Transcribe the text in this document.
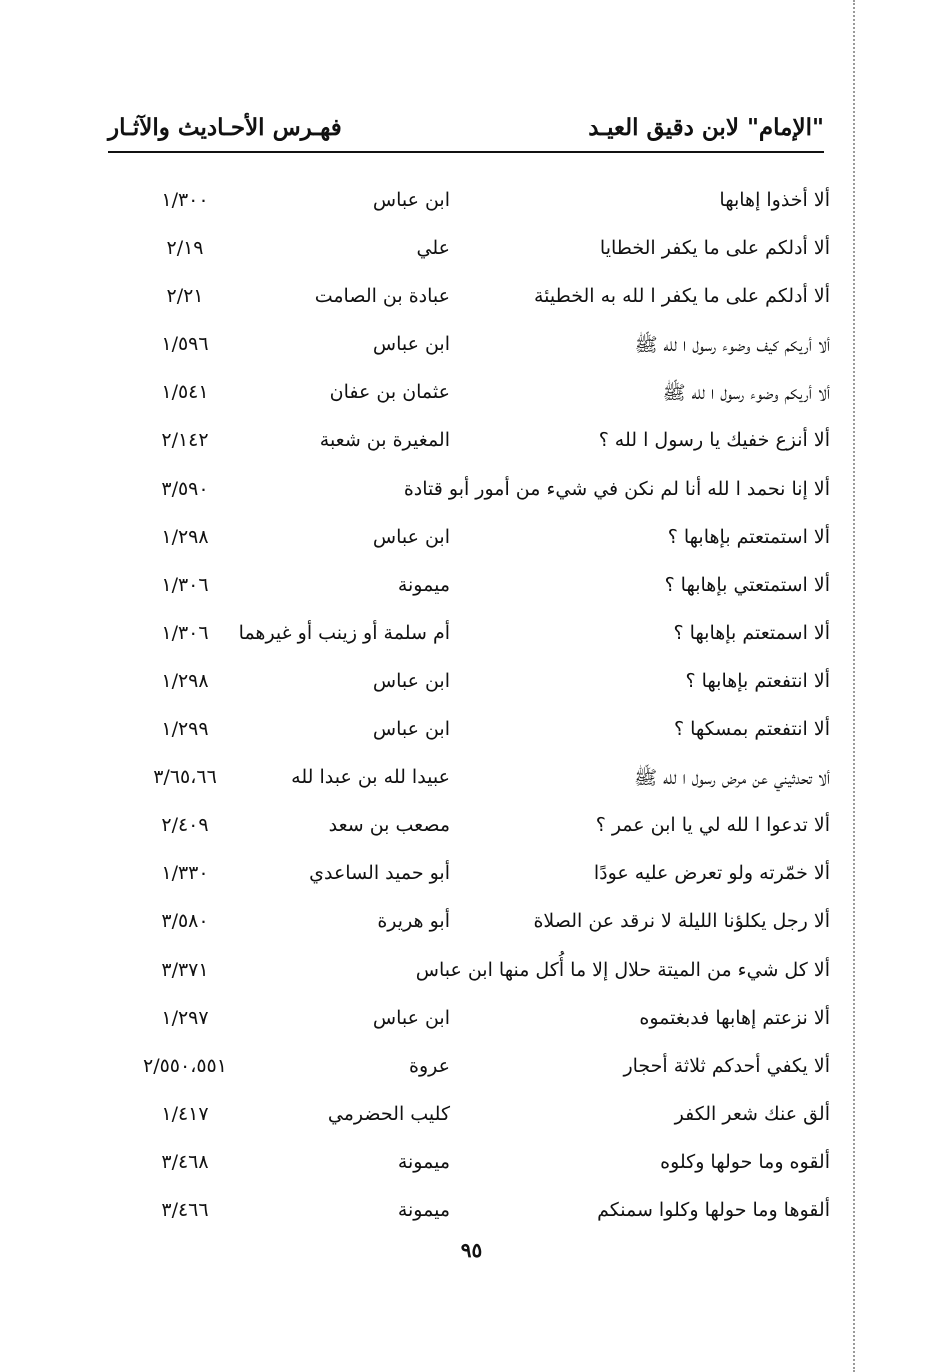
"الإمام" لابن دقيق العيـد
فهـرس الأحـاديث والآثـار
ألا أخذوا إهابها
ابن عباس
١/٣٠٠
ألا أدلكم على ما يكفر الخطايا
علي
٢/١٩
ألا أدلكم على ما يكفر ا لله به الخطيئة
عبادة بن الصامت
٢/٢١
ألا أريكم كيف وضوء رسول ا لله ﷺ
ابن عباس
١/٥٩٦
ألا أريكم وضوء رسول ا لله ﷺ
عثمان بن عفان
١/٥٤١
ألا أنزع خفيك يا رسول ا لله ؟
المغيرة بن شعبة
٢/١٤٢
ألا إنا نحمد ا لله أنا لم نكن في شيء من أمور أبو قتادة
٣/٥٩٠
ألا استمتعتم بإهابها ؟
ابن عباس
١/٢٩٨
ألا استمتعتي بإهابها ؟
ميمونة
١/٣٠٦
ألا اسمتعتم بإهابها ؟
أم سلمة أو زينب أو غيرهما
١/٣٠٦
ألا انتفعتم بإهابها ؟
ابن عباس
١/٢٩٨
ألا انتفعتم بمسكها ؟
ابن عباس
١/٢٩٩
ألا تحدثيني عن مرض رسول ا لله ﷺ
عبيدا لله بن عبدا لله
٣/٦٥،٦٦
ألا تدعوا ا لله لي يا ابن عمر ؟
مصعب بن سعد
٢/٤٠٩
ألا خمّرته ولو تعرض عليه عودًا
أبو حميد الساعدي
١/٣٣٠
ألا رجل يكلؤنا الليلة لا نرقد عن الصلاة
أبو هريرة
٣/٥٨٠
ألا كل شيء من الميتة حلال إلا ما أُكل منها ابن عباس
٣/٣٧١
ألا نزعتم إهابها فدبغتموه
ابن عباس
١/٢٩٧
ألا يكفي أحدكم ثلاثة أحجار
عروة
٢/٥٥٠،٥٥١
ألق عنك شعر الكفر
كليب الحضرمي
١/٤١٧
ألقوه وما حولها وكلوه
ميمونة
٣/٤٦٨
ألقوها وما حولها وكلوا سمنكم
ميمونة
٣/٤٦٦
٩٥
